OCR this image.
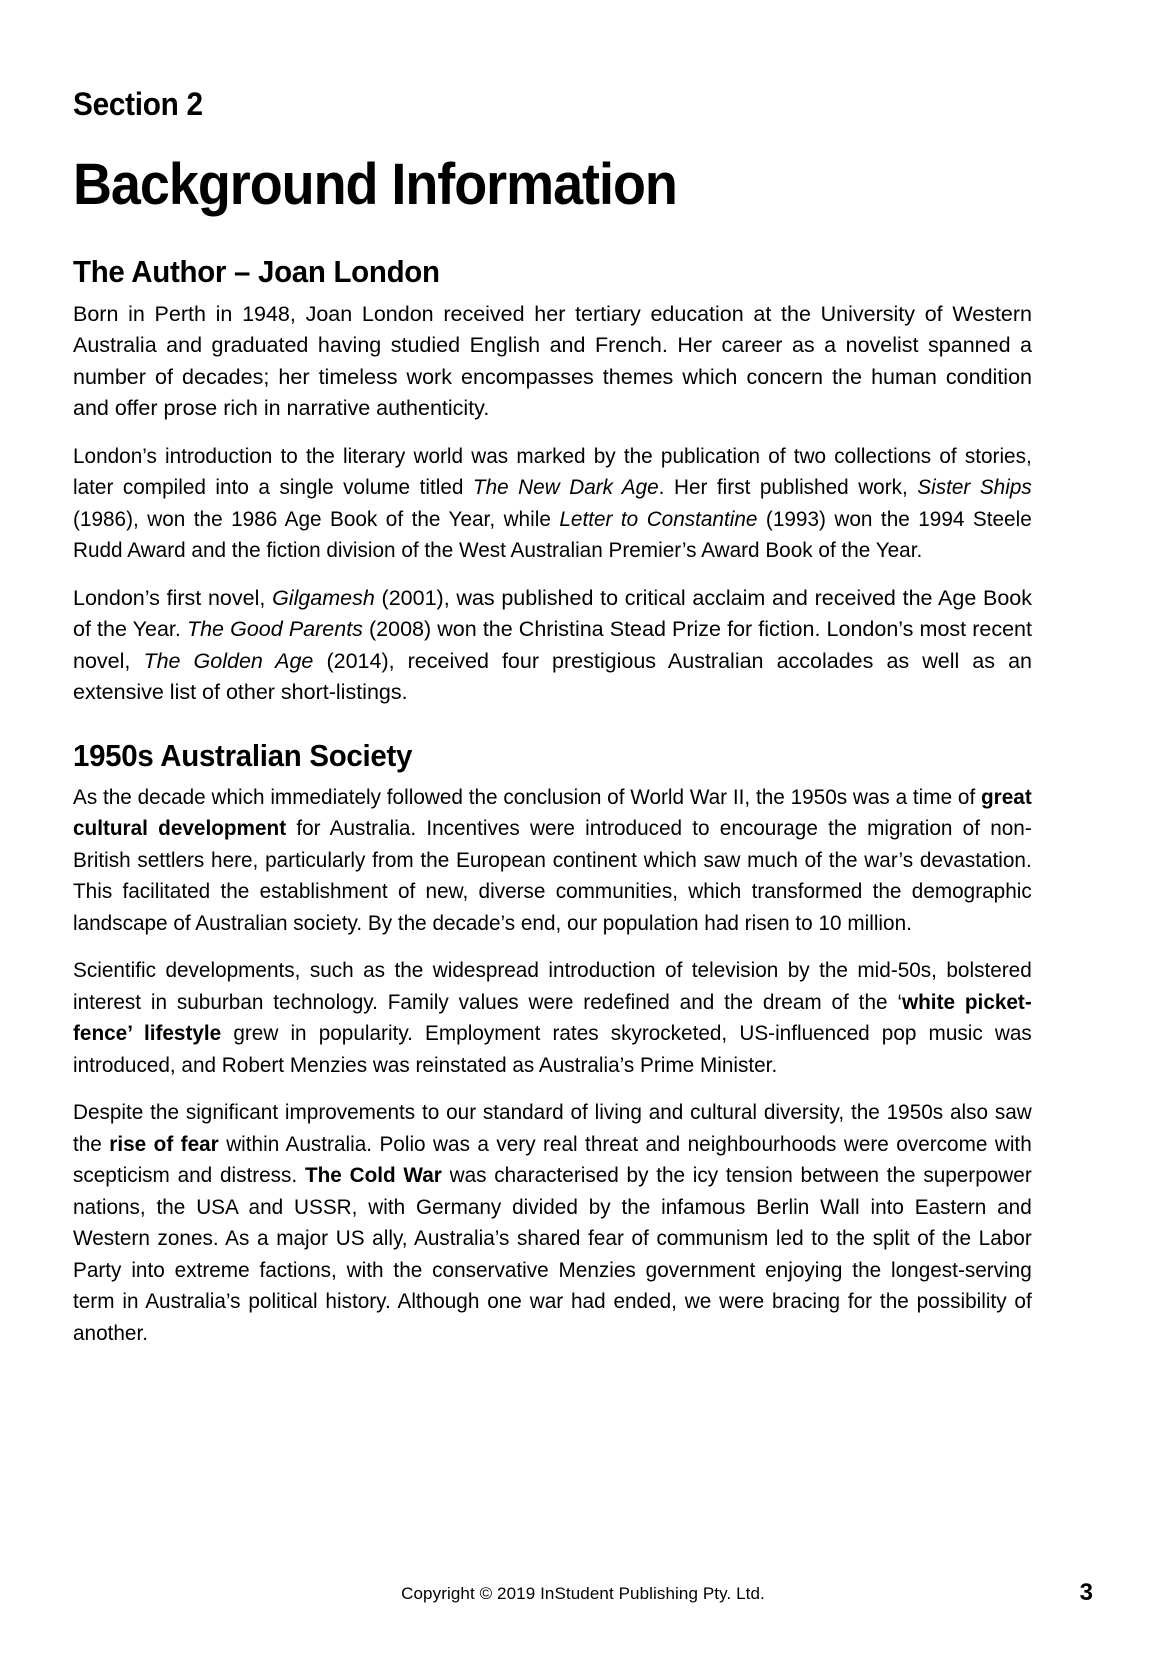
Section 2
Background Information
The Author – Joan London

Born in Perth in 1948, Joan London received her tertiary education at the University of Western Australia and graduated having studied English and French. Her career as a novelist spanned a number of decades; her timeless work encompasses themes which concern the human condition and offer prose rich in narrative authenticity.

London’s introduction to the literary world was marked by the publication of two collections of stories, later compiled into a single volume titled The New Dark Age. Her first published work, Sister Ships (1986), won the 1986 Age Book of the Year, while Letter to Constantine (1993) won the 1994 Steele Rudd Award and the fiction division of the West Australian Premier’s Award Book of the Year.

London’s first novel, Gilgamesh (2001), was published to critical acclaim and received the Age Book of the Year. The Good Parents (2008) won the Christina Stead Prize for fiction. London’s most recent novel, The Golden Age (2014), received four prestigious Australian accolades as well as an extensive list of other short-listings.

1950s Australian Society

As the decade which immediately followed the conclusion of World War II, the 1950s was a time of great cultural development for Australia. Incentives were introduced to encourage the migration of non-British settlers here, particularly from the European continent which saw much of the war’s devastation. This facilitated the establishment of new, diverse communities, which transformed the demographic landscape of Australian society. By the decade’s end, our population had risen to 10 million.

Scientific developments, such as the widespread introduction of television by the mid-50s, bolstered interest in suburban technology. Family values were redefined and the dream of the ‘white picket-fence’ lifestyle grew in popularity. Employment rates skyrocketed, US-influenced pop music was introduced, and Robert Menzies was reinstated as Australia’s Prime Minister.

Despite the significant improvements to our standard of living and cultural diversity, the 1950s also saw the rise of fear within Australia. Polio was a very real threat and neighbourhoods were overcome with scepticism and distress. The Cold War was characterised by the icy tension between the superpower nations, the USA and USSR, with Germany divided by the infamous Berlin Wall into Eastern and Western zones. As a major US ally, Australia’s shared fear of communism led to the split of the Labor Party into extreme factions, with the conservative Menzies government enjoying the longest-serving term in Australia’s political history. Although one war had ended, we were bracing for the possibility of another.

Copyright © 2019 InStudent Publishing Pty. Ltd.	3
